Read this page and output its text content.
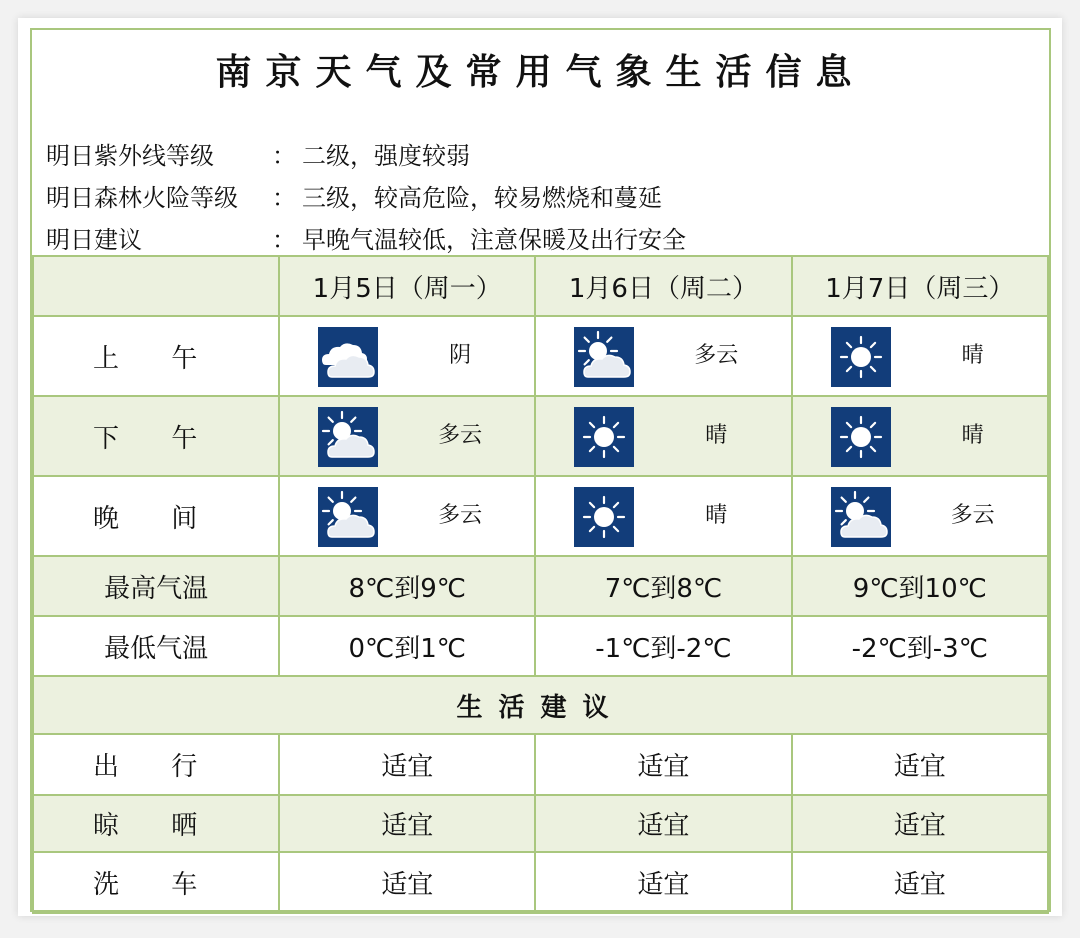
南京天气及常用气象生活信息
明日紫外线等级 ： 二级，强度较弱
明日森林火险等级 ： 三级，较高危险，较易燃烧和蔓延
明日建议	： 早晚气温较低，注意保暖及出行安全
	1月5日（周一）	1月6日（周二）	1月7日（周三）
上 午	阴	多云	晴

下 午	多云	晴	晴

晚 间	多云	晴	多云

最高气温	8℃到9℃	7℃到8℃	9℃到10℃
最低气温	0℃到1℃	-1℃到-2℃	-2℃到-3℃
生活建议			
出 行	适宜	适宜	适宜
晾 晒	适宜	适宜	适宜
洗 车	适宜	适宜	适宜
